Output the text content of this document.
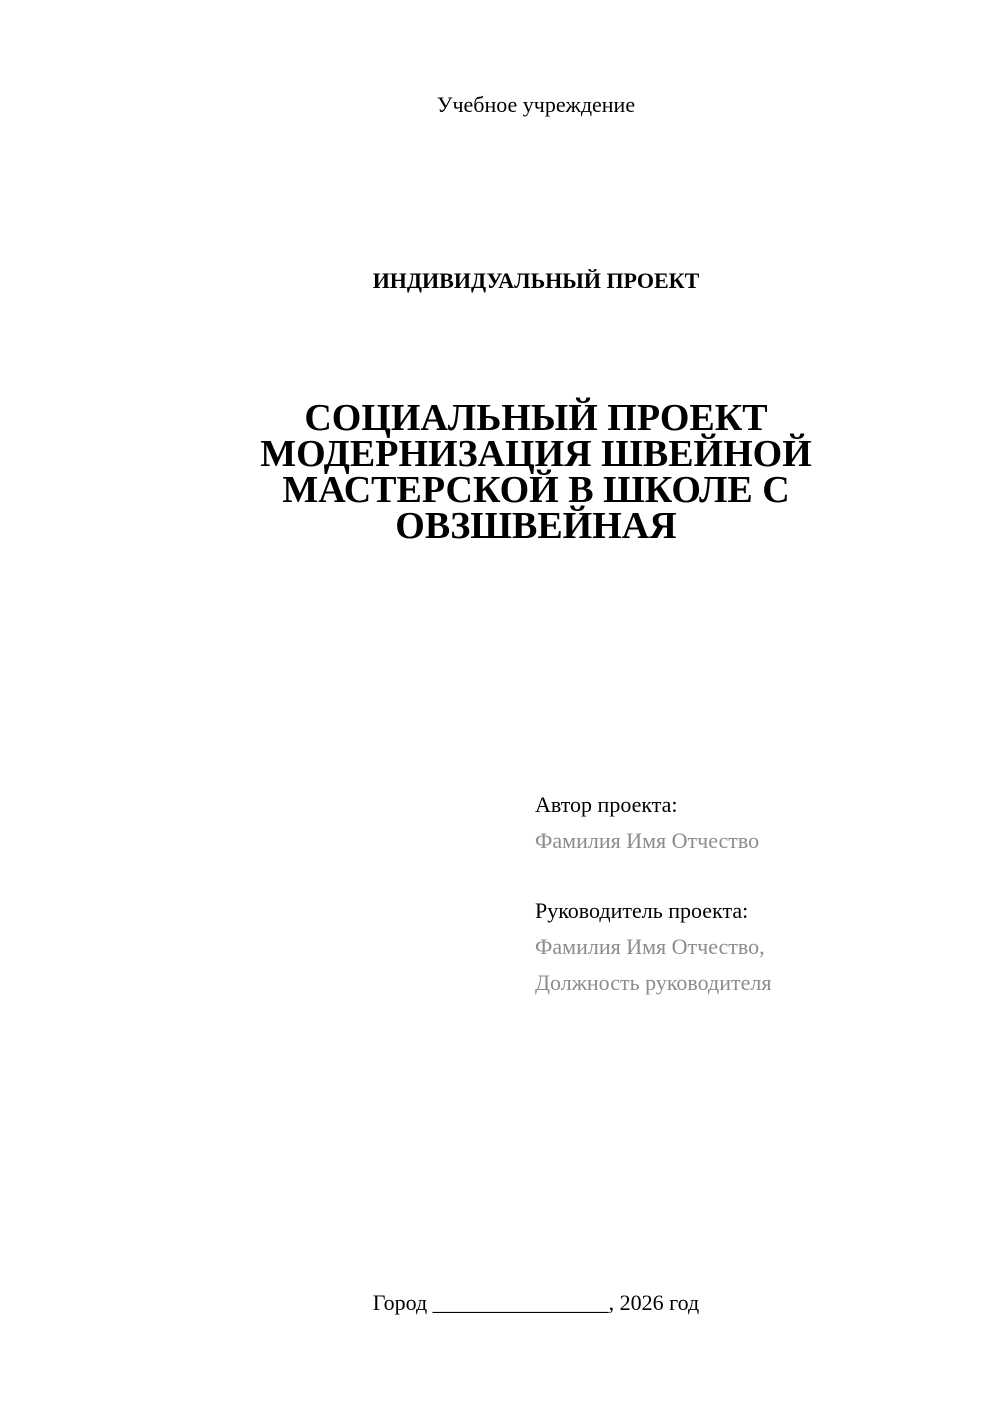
Учебное учреждение
ИНДИВИДУАЛЬНЫЙ ПРОЕКТ
СОЦИАЛЬНЫЙ ПРОЕКТ
МОДЕРНИЗАЦИЯ ШВЕЙНОЙ
МАСТЕРСКОЙ В ШКОЛЕ С
ОВЗШВЕЙНАЯ
Автор проекта:
Фамилия Имя Отчество
Руководитель проекта:
Фамилия Имя Отчество,
Должность руководителя
Город ________________, 2026 год
